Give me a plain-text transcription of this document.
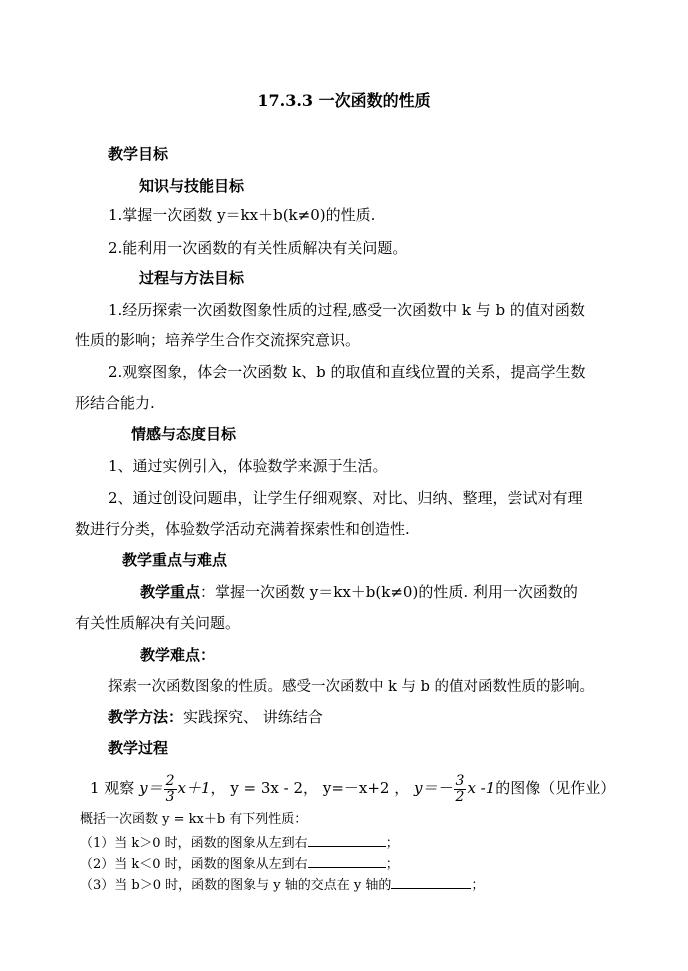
17.3.3 一次函数的性质
教学目标
知识与技能目标
1.掌握一次函数 y＝kx＋b(k≠0)的性质.
2.能利用一次函数的有关性质解决有关问题。
过程与方法目标
1.经历探索一次函数图象性质的过程,感受一次函数中 k 与 b 的值对函数
性质的影响；培养学生合作交流探究意识。
2.观察图象，体会一次函数 k、b 的取值和直线位置的关系，提高学生数
形结合能力.
情感与态度目标
1、通过实例引入，体验数学来源于生活。
2、通过创设问题串，让学生仔细观察、对比、归纳、整理，尝试对有理
数进行分类，体验数学活动充满着探索性和创造性.
教学重点与难点
教学重点：掌握一次函数 y＝kx＋b(k≠0)的性质. 利用一次函数的
有关性质解决有关问题。
教学难点：
探索一次函数图象的性质。感受一次函数中 k 与 b 的值对函数性质的影响。
教学方法：实践探究、 讲练结合
教学过程
1 观察 $y= \frac{2}{3} x+1$， y = 3x - 2， y=－x+2 ， $y=- \frac{3}{2}$ x -1的图像（见作业）
概括一次函数 y = kx＋b 有下列性质：
（1）当 k＞0 时，函数的图象从左到右	；
（2）当 k＜0 时，函数的图象从左到右	；
（3）当 b＞0 时，函数的图象与 y 轴的交点在 y 轴的	；
